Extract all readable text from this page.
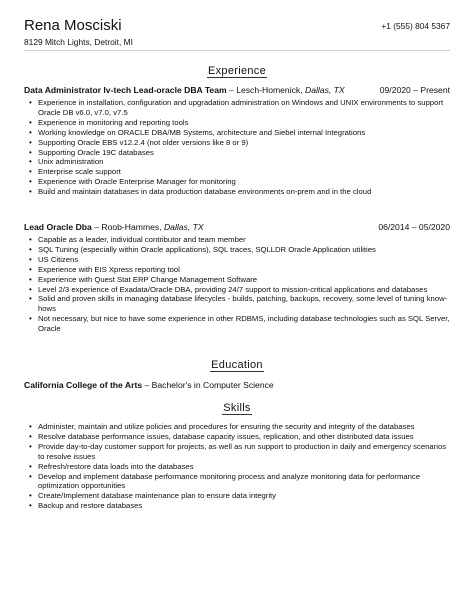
Rena Mosciski	+1 (555) 804 5367
8129 Mitch Lights, Detroit, MI
Experience
Data Administrator Iv-tech Lead-oracle DBA Team – Lesch-Homenick, Dallas, TX	09/2020 – Present
• Experience in installation, configuration and upgradation administration on Windows and UNIX environments to support Oracle DB v6.0, v7.0, v7.5
• Experience in monitoring and reporting tools
• Working knowledge on ORACLE DBA/MB Systems, architecture and Siebel internal Integrations
• Supporting Oracle EBS v12.2.4 (not older versions like 8 or 9)
• Supporting Oracle 19C databases
• Unix administration
• Enterprise scale support
• Experience with Oracle Enterprise Manager for monitoring
• Build and maintain databases in data production database environments on-prem and in the cloud
Lead Oracle Dba – Roob-Hammes, Dallas, TX	06/2014 – 05/2020
• Capable as a leader, individual contributor and team member
• SQL Tuning (especially within Oracle applications), SQL traces, SQLLDR Oracle Application utilities
• US Citizens
• Experience with EIS Xpress reporting tool
• Experience with Quest Stat ERP Change Management Software
• Level 2/3 experience of Exadata/Oracle DBA, providing 24/7 support to mission-critical applications and databases
• Solid and proven skills in managing database lifecycles - builds, patching, backups, recovery, some level of tuning know-hows
• Not necessary, but nice to have some experience in other RDBMS, including database technologies such as SQL Server, Oracle
Education
California College of the Arts – Bachelor's in Computer Science
Skills
• Administer, maintain and utilize policies and procedures for ensuring the security and integrity of the databases
• Resolve database performance issues, database capacity issues, replication, and other distributed data issues
• Provide day-to-day customer support for projects, as well as run support to production in daily and emergency scenarios to resolve issues
• Refresh/restore data loads into the databases
• Develop and implement database performance monitoring process and analyze monitoring data for performance optimization opportunities
• Create/Implement database maintenance plan to ensure data integrity
• Backup and restore databases
